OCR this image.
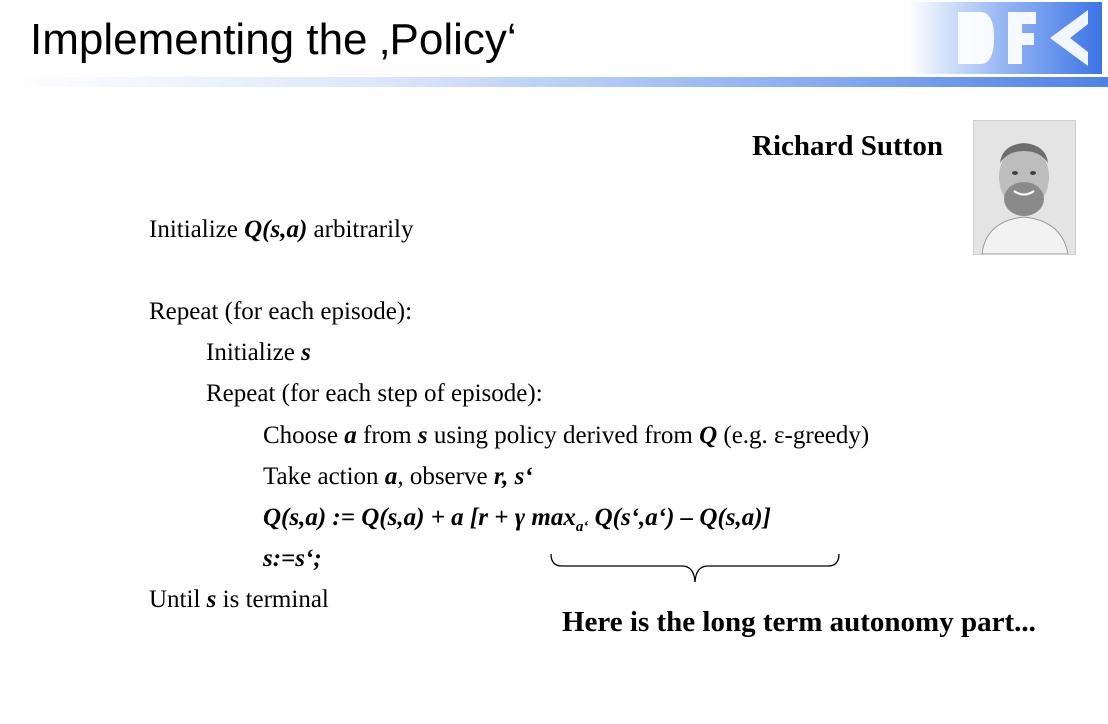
Implementing the ‚Policy‘
Richard Sutton
Initialize Q(s,a) arbitrarily
Repeat (for each episode):
Initialize s
Repeat (for each step of episode):
Choose a from s using policy derived from Q (e.g. ε-greedy)
Take action a, observe r, s‘
Q(s,a) := Q(s,a) + a [r + γ $\max_{a‘}$ Q(s‘,a‘) – Q(s,a)]
s:=s‘;
Until s is terminal
Here is the long term autonomy part...
